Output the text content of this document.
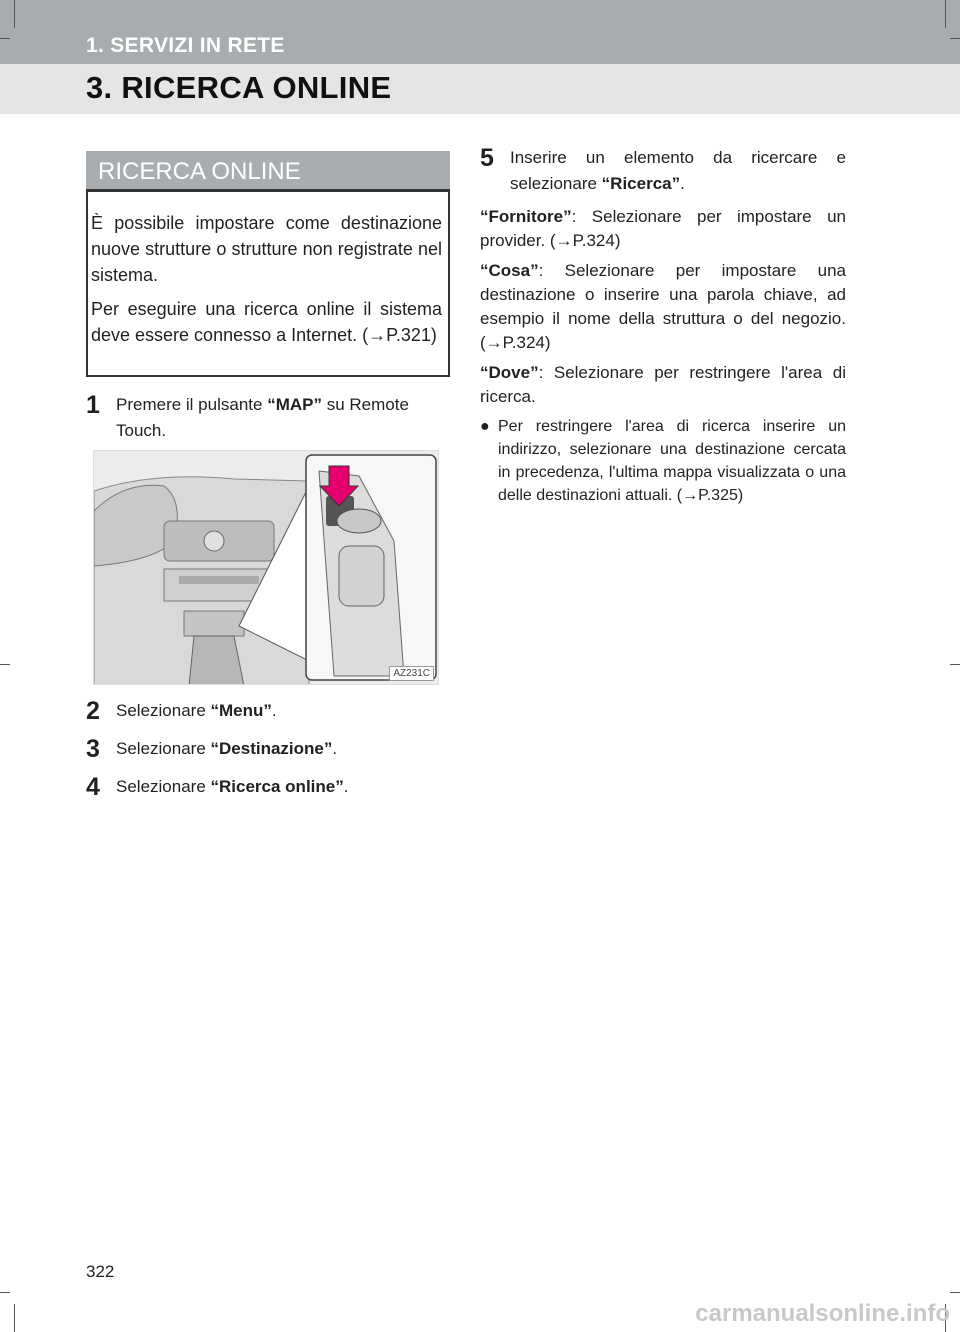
1. SERVIZI IN RETE
3. RICERCA ONLINE
RICERCA ONLINE

È possibile impostare come destinazione nuove strutture o strutture non registrate nel sistema.

Per eseguire una ricerca online il sistema deve essere connesso a Internet. (→P.321)

1 Premere il pulsante “MAP” su Remote Touch.
AZ231C
2 Selezionare “Menu”.
3 Selezionare “Destinazione”.
4 Selezionare “Ricerca online”.
5 Inserire un elemento da ricercare e selezionare “Ricerca”.

“Fornitore”: Selezionare per impostare un provider. (→P.324)

“Cosa”: Selezionare per impostare una destinazione o inserire una parola chiave, ad esempio il nome della struttura o del negozio. (→P.324)

“Dove”: Selezionare per restringere l'area di ricerca.

● Per restringere l'area di ricerca inserire un indirizzo, selezionare una destinazione cercata in precedenza, l'ultima mappa visualizzata o una delle destinazioni attuali. (→P.325)
322
carmanualsonline.info
